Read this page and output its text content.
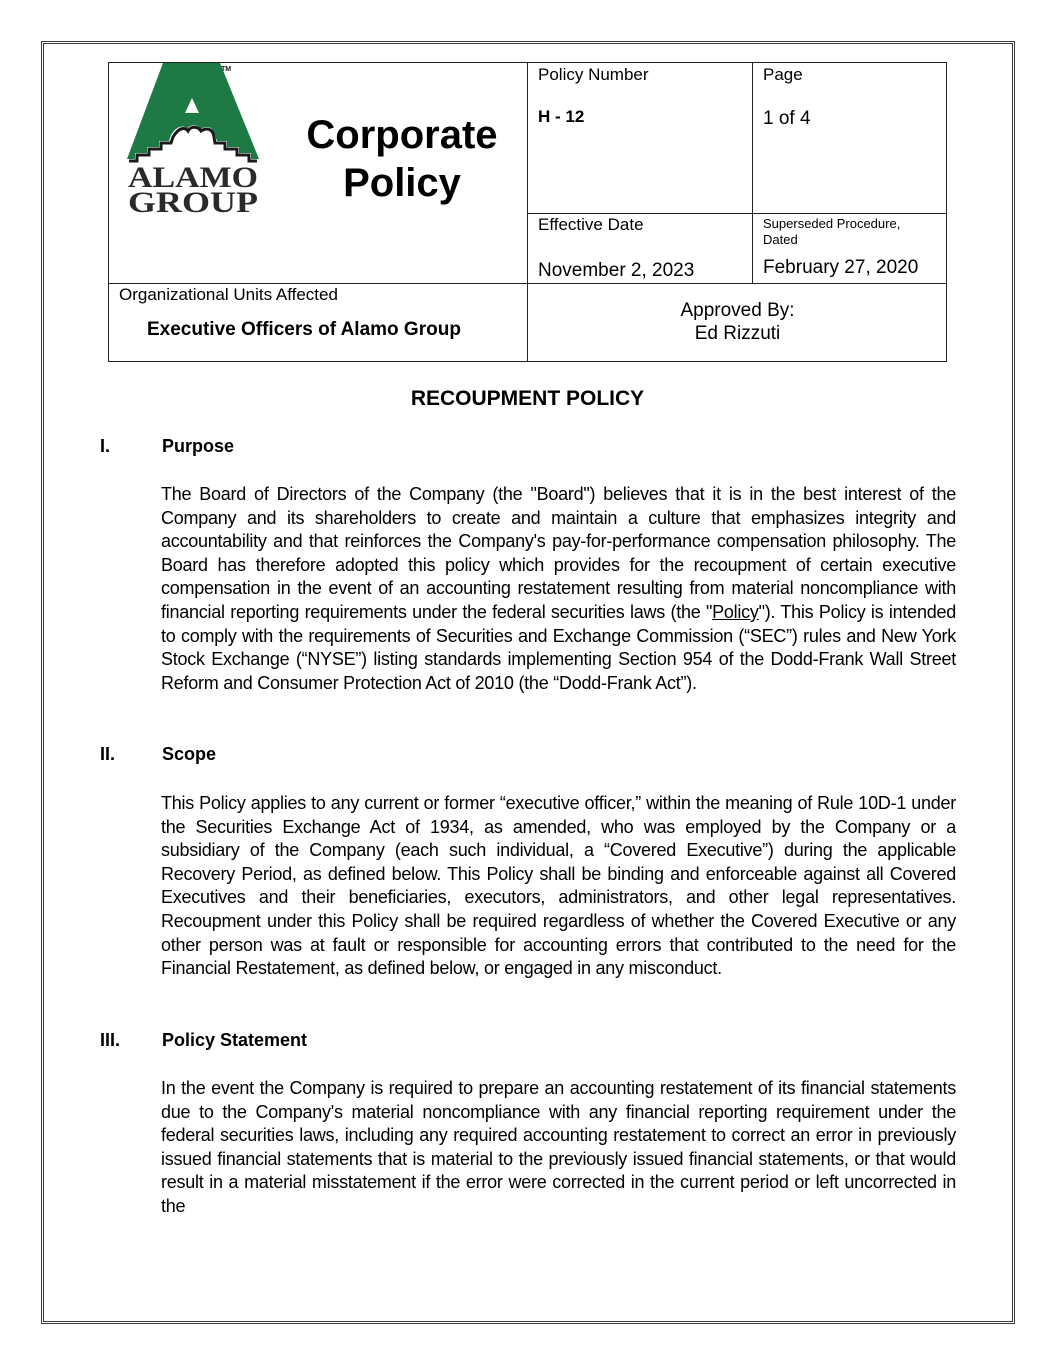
TM
ALAMO
GROUP
Corporate
Policy
Policy Number
H - 12
Page
1 of 4
Effective Date
November 2, 2023
Superseded Procedure,
Dated
February 27, 2020
Organizational Units Affected
Executive Officers of Alamo Group
Approved By:
Ed Rizzuti
RECOUPMENT POLICY
I.	Purpose
The Board of Directors of the Company (the "Board") believes that it is in the best interest of the Company and its shareholders to create and maintain a culture that emphasizes integrity and accountability and that reinforces the Company's pay-for-performance compensation philosophy. The Board has therefore adopted this policy which provides for the recoupment of certain executive compensation in the event of an accounting restatement resulting from material noncompliance with financial reporting requirements under the federal securities laws (the "Policy"). This Policy is intended to comply with the requirements of Securities and Exchange Commission (“SEC”) rules and New York Stock Exchange (“NYSE”) listing standards implementing Section 954 of the Dodd-Frank Wall Street Reform and Consumer Protection Act of 2010 (the “Dodd-Frank Act”).
II.	Scope
This Policy applies to any current or former “executive officer,” within the meaning of Rule 10D-1 under the Securities Exchange Act of 1934, as amended, who was employed by the Company or a subsidiary of the Company (each such individual, a “Covered Executive”) during the applicable Recovery Period, as defined below. This Policy shall be binding and enforceable against all Covered Executives and their beneficiaries, executors, administrators, and other legal representatives. Recoupment under this Policy shall be required regardless of whether the Covered Executive or any other person was at fault or responsible for accounting errors that contributed to the need for the Financial Restatement, as defined below, or engaged in any misconduct.
III. Policy Statement
In the event the Company is required to prepare an accounting restatement of its financial statements due to the Company's material noncompliance with any financial reporting requirement under the federal securities laws, including any required accounting restatement to correct an error in previously issued financial statements that is material to the previously issued financial statements, or that would result in a material misstatement if the error were corrected in the current period or left uncorrected in the
